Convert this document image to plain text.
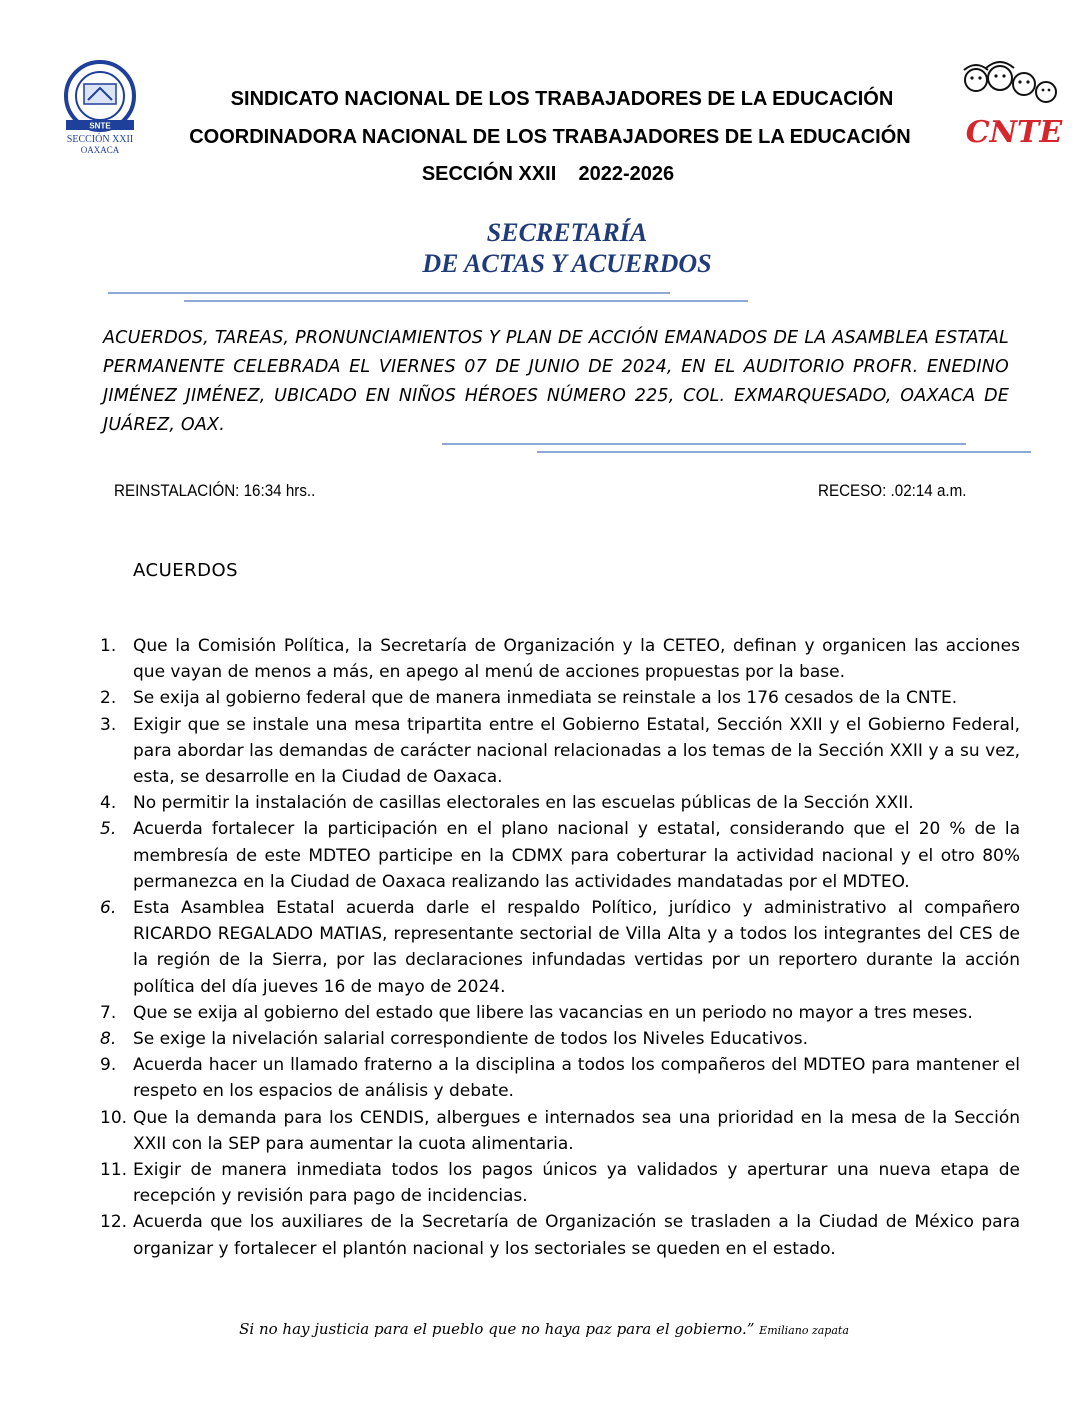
SNTE
SECCIÓN XXII
OAXACA	CNTE
SINDICATO NACIONAL DE LOS TRABAJADORES DE LA EDUCACIÓN
COORDINADORA NACIONAL DE LOS TRABAJADORES DE LA EDUCACIÓN
SECCIÓN XXII 2022-2026
SECRETARÍA
DE ACTAS Y ACUERDOS
ACUERDOS, TAREAS, PRONUNCIAMIENTOS Y PLAN DE ACCIÓN EMANADOS DE LA ASAMBLEA ESTATAL PERMANENTE CELEBRADA EL VIERNES 07 DE JUNIO DE 2024, EN EL AUDITORIO PROFR. ENEDINO JIMÉNEZ JIMÉNEZ, UBICADO EN NIÑOS HÉROES NÚMERO 225, COL. EXMARQUESADO, OAXACA DE JUÁREZ, OAX.
REINSTALACIÓN: 16:34 hrs..	RECESO: .02:14 a.m.
ACUERDOS
1. Que la Comisión Política, la Secretaría de Organización y la CETEO, definan y organicen las acciones que vayan de menos a más, en apego al menú de acciones propuestas por la base.
2. Se exija al gobierno federal que de manera inmediata se reinstale a los 176 cesados de la CNTE.
3. Exigir que se instale una mesa tripartita entre el Gobierno Estatal, Sección XXII y el Gobierno Federal, para abordar las demandas de carácter nacional relacionadas a los temas de la Sección XXII y a su vez, esta, se desarrolle en la Ciudad de Oaxaca.
4. No permitir la instalación de casillas electorales en las escuelas públicas de la Sección XXII.
5. Acuerda fortalecer la participación en el plano nacional y estatal, considerando que el 20 % de la membresía de este MDTEO participe en la CDMX para coberturar la actividad nacional y el otro 80% permanezca en la Ciudad de Oaxaca realizando las actividades mandatadas por el MDTEO.
6. Esta Asamblea Estatal acuerda darle el respaldo Político, jurídico y administrativo al compañero RICARDO REGALADO MATIAS, representante sectorial de Villa Alta y a todos los integrantes del CES de la región de la Sierra, por las declaraciones infundadas vertidas por un reportero durante la acción política del día jueves 16 de mayo de 2024.
7. Que se exija al gobierno del estado que libere las vacancias en un periodo no mayor a tres meses.
8. Se exige la nivelación salarial correspondiente de todos los Niveles Educativos.
9. Acuerda hacer un llamado fraterno a la disciplina a todos los compañeros del MDTEO para mantener el respeto en los espacios de análisis y debate.
10. Que la demanda para los CENDIS, albergues e internados sea una prioridad en la mesa de la Sección XXII con la SEP para aumentar la cuota alimentaria.
11. Exigir de manera inmediata todos los pagos únicos ya validados y aperturar una nueva etapa de recepción y revisión para pago de incidencias.
12. Acuerda que los auxiliares de la Secretaría de Organización se trasladen a la Ciudad de México para organizar y fortalecer el plantón nacional y los sectoriales se queden en el estado.
Si no hay justicia para el pueblo que no haya paz para el gobierno.” Emiliano zapata
